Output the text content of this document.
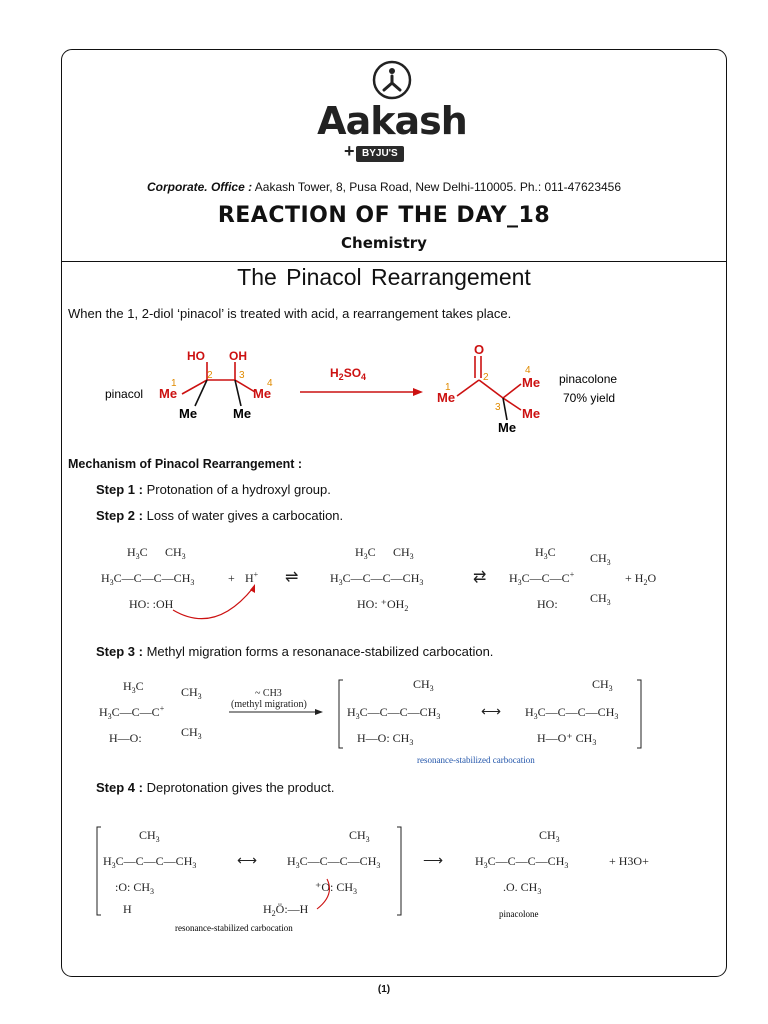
Aakash
+ BYJU'S
Corporate. Office : Aakash Tower, 8, Pusa Road, New Delhi-110005. Ph.: 011-47623456
REACTION OF THE DAY_18
Chemistry
The Pinacol Rearrangement
When the 1, 2-diol ‘pinacol’ is treated with acid, a rearrangement takes place.
pinacol
HO OH
Me	Me
Me	Me
1
2	3
4
$H_2SO_4$
O
Me
Me
Me
Me
1
2
3
4
pinacolone
70% yield
Mechanism of Pinacol Rearrangement :
Step 1 : Protonation of a hydroxyl group.
Step 2 : Loss of water gives a carbocation.
$H_3C$ $CH_3$
$H_3C—C—C—CH_3$
HO: :OH
+ H+ ⇌
$H_3C$ $CH_3$
$H_3C—C—C—CH_3$
HO: $^+OH_2$
⇄
$H_3C$	$CH_3$
$H_3C—C—C^+$
$CH_3$
HO:
+ $H_2O$
Step 3 : Methyl migration forms a resonanace-stabilized carbocation.
$H_3C$	$CH_3$
$H_3C—C—C^+$
$CH_3$
H—O:
~ CH3
(methyl migration)
$CH_3$
$H_3C—C—C—CH_3$
H—O: $CH_3$
⟷
$CH_3$
$H_3C—C—C—CH_3$
H—O⁺ $CH_3$
resonance-stabilized carbocation
Step 4 : Deprotonation gives the product.
$CH_3$
$H_3C—C—C—CH_3$
:O: $CH_3$
H
⟷
$CH_3$
$H_3C—C—C—CH_3$
⁺O: $CH_3$
$H_2Ö:—H$
⟶
$CH_3$
$H_3C—C—C—CH_3$
.O. $CH_3$
+ H3O+
resonance-stabilized carbocation
pinacolone
(1)
